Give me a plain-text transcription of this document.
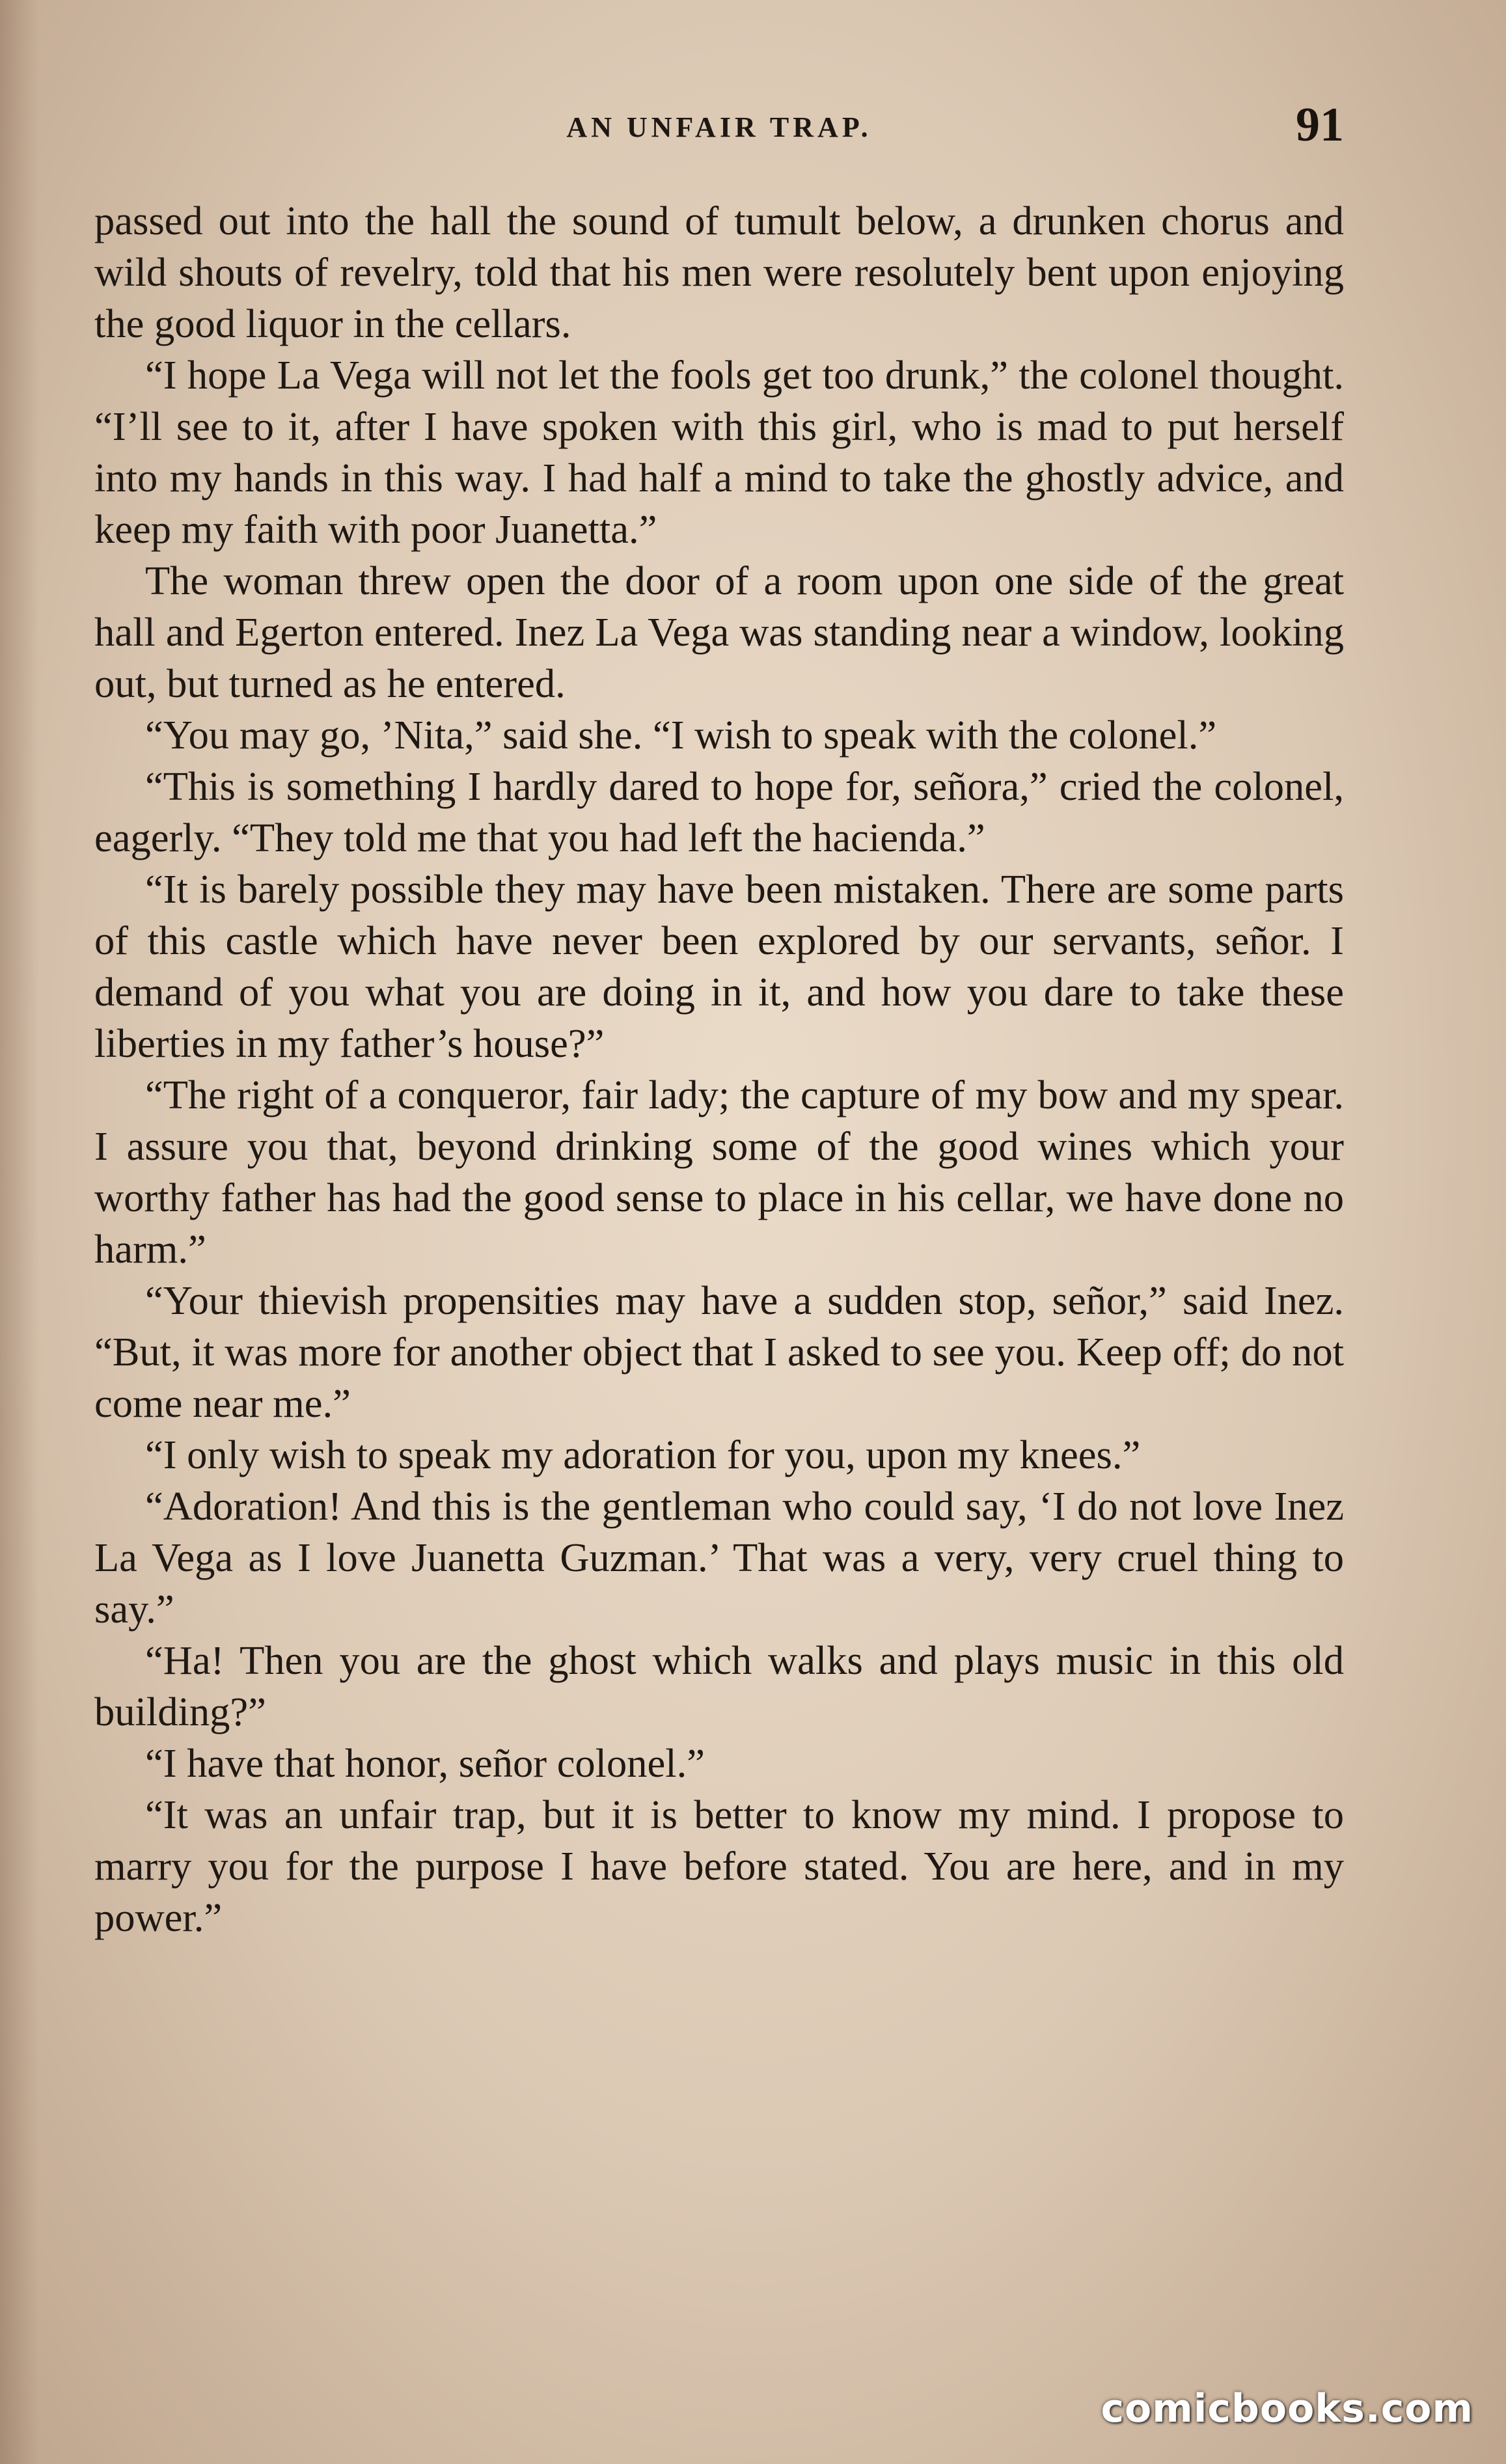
AN UNFAIR TRAP.	91

passed out into the hall the sound of tumult below, a drunken chorus and wild shouts of revelry, told that his men were resolutely bent upon enjoying the good liquor in the cellars.

“I hope La Vega will not let the fools get too drunk,” the colonel thought. “I’ll see to it, after I have spoken with this girl, who is mad to put herself into my hands in this way. I had half a mind to take the ghostly advice, and keep my faith with poor Juanetta.”

The woman threw open the door of a room upon one side of the great hall and Egerton entered. Inez La Vega was standing near a window, looking out, but turned as he entered.

“You may go, ’Nita,” said she. “I wish to speak with the colonel.”

“This is something I hardly dared to hope for, señora,” cried the colonel, eagerly. “They told me that you had left the hacienda.”

“It is barely possible they may have been mistaken. There are some parts of this castle which have never been explored by our servants, señor. I demand of you what you are doing in it, and how you dare to take these liberties in my father’s house?”

“The right of a conqueror, fair lady; the capture of my bow and my spear. I assure you that, beyond drinking some of the good wines which your worthy father has had the good sense to place in his cellar, we have done no harm.”

“Your thievish propensities may have a sudden stop, señor,” said Inez. “But, it was more for another object that I asked to see you. Keep off; do not come near me.”

“I only wish to speak my adoration for you, upon my knees.”

“Adoration! And this is the gentleman who could say, ‘I do not love Inez La Vega as I love Juanetta Guzman.’ That was a very, very cruel thing to say.”

“Ha! Then you are the ghost which walks and plays music in this old building?”

“I have that honor, señor colonel.”

“It was an unfair trap, but it is better to know my mind. I propose to marry you for the purpose I have before stated. You are here, and in my power.”

comicbooks.com
